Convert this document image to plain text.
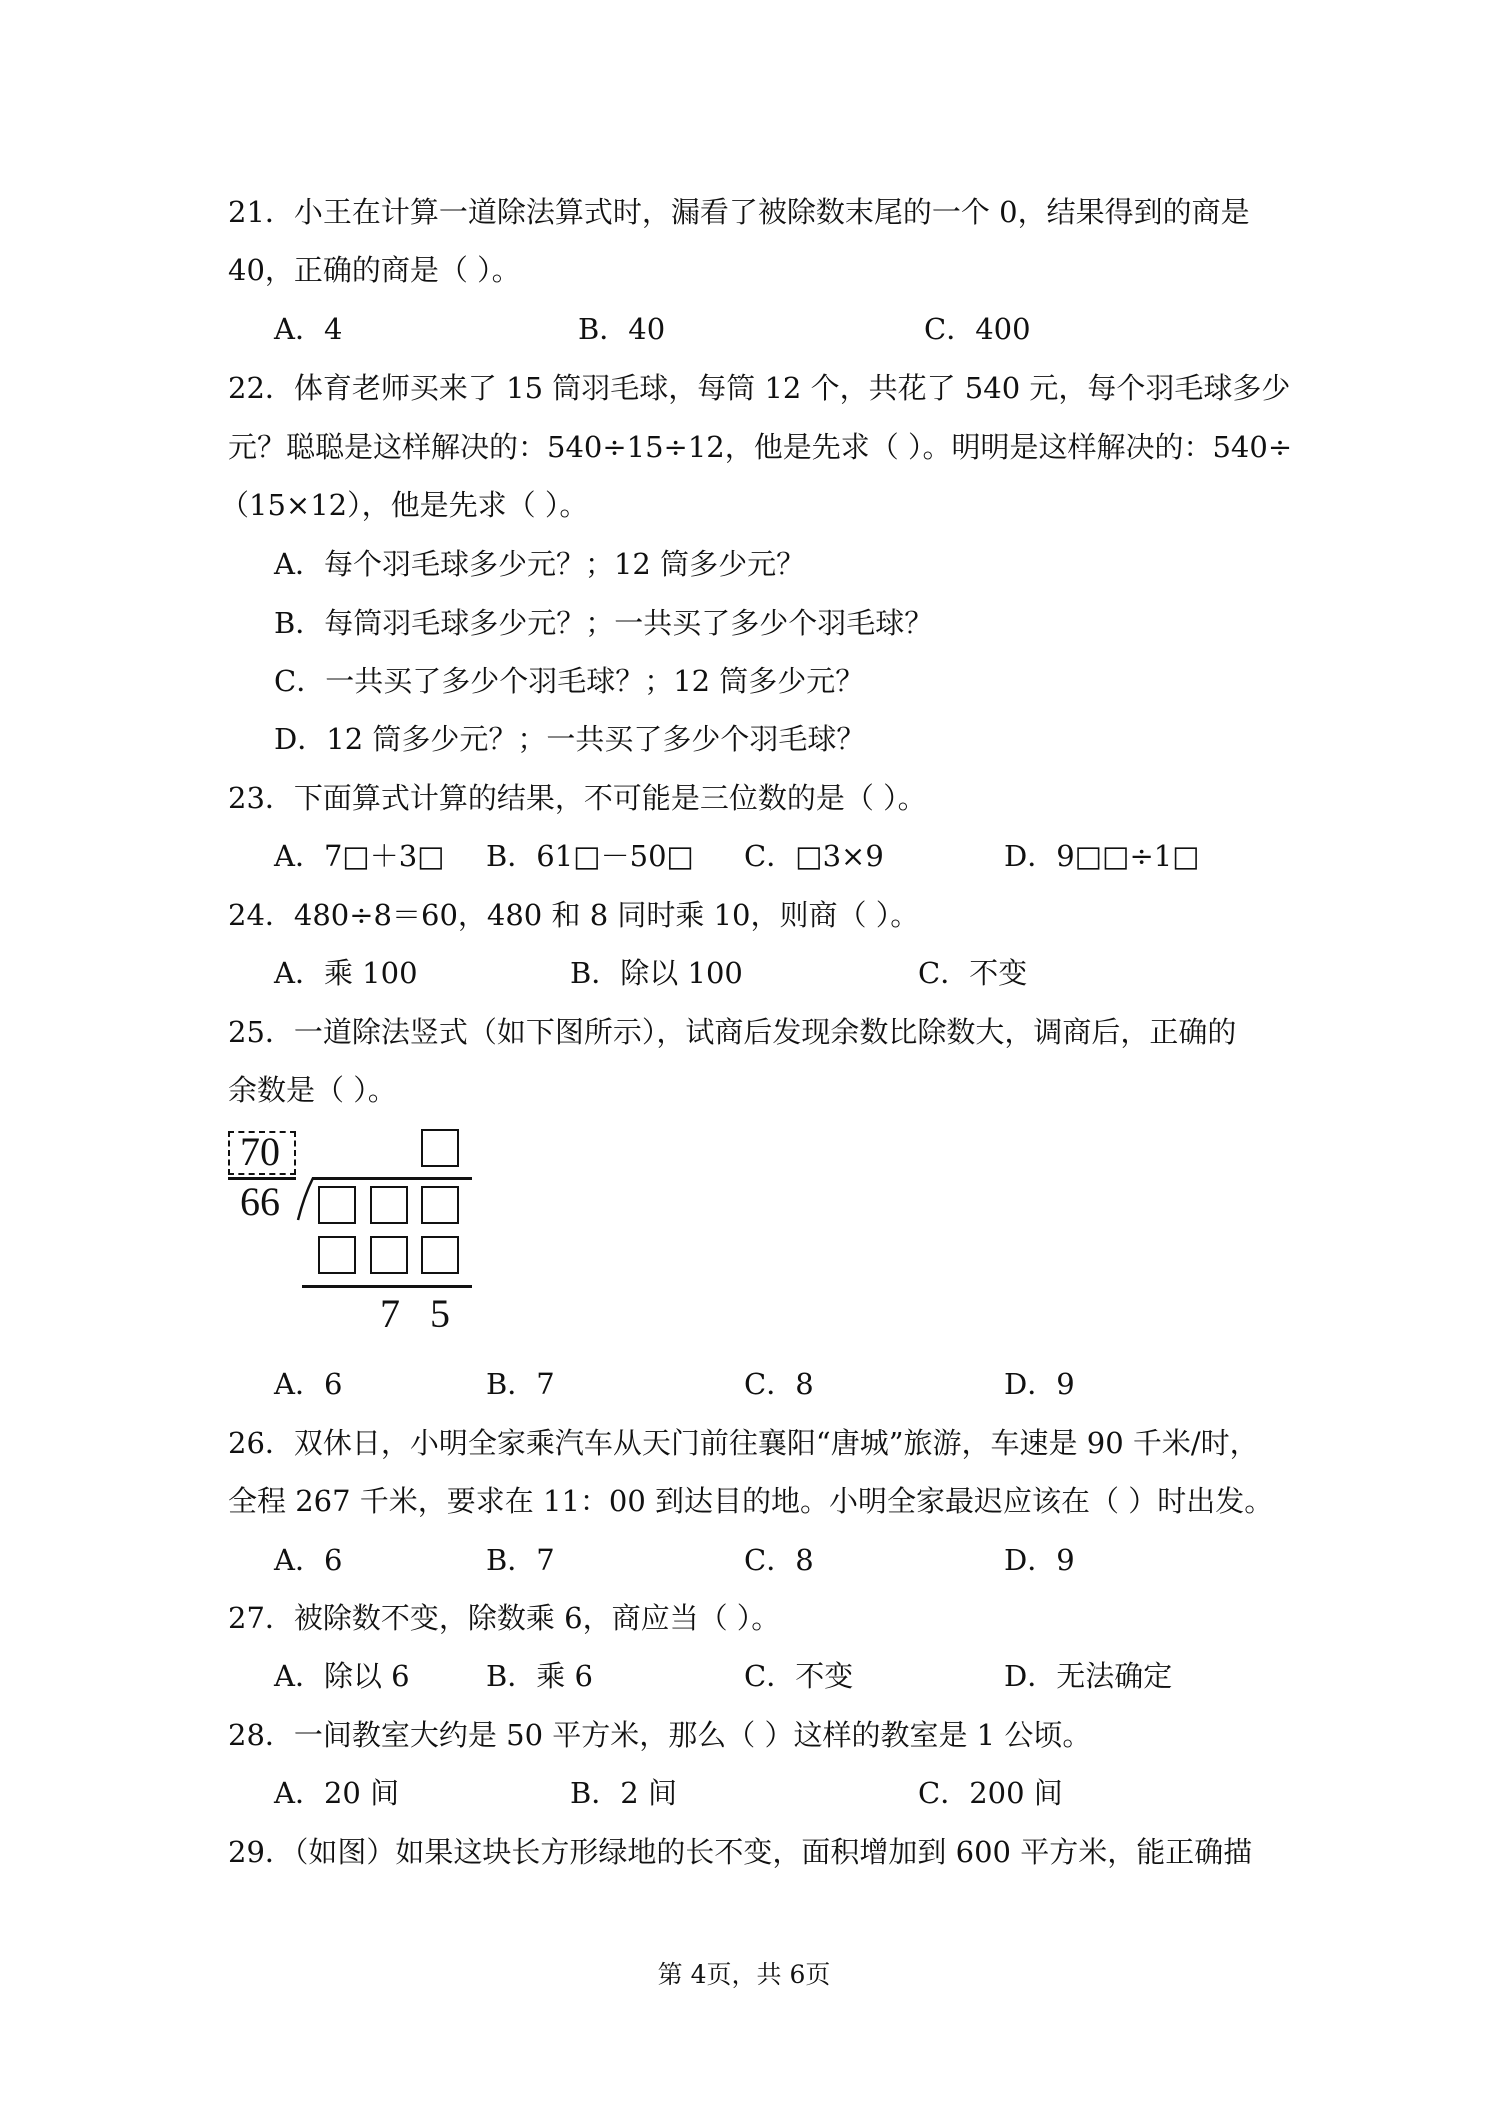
21．小王在计算一道除法算式时，漏看了被除数末尾的一个 0，结果得到的商是
40，正确的商是（ ）。
A．4	B．40	C．400
22．体育老师买来了 15 筒羽毛球，每筒 12 个，共花了 540 元，每个羽毛球多少
元？聪聪是这样解决的：540÷15÷12，他是先求（ ）。明明是这样解决的：540÷
（15×12），他是先求（ ）。
A．每个羽毛球多少元？；12 筒多少元？
B．每筒羽毛球多少元？；一共买了多少个羽毛球？
C．一共买了多少个羽毛球？；12 筒多少元？
D．12 筒多少元？；一共买了多少个羽毛球？
23．下面算式计算的结果，不可能是三位数的是（ ）。
A．7□＋3□ B．61□－50□ C．□3×9	D．9□□÷1□
24．480÷8＝60，480 和 8 同时乘 10，则商（ ）。
A．乘 100	B．除以 100	C．不变
25．一道除法竖式（如下图所示），试商后发现余数比除数大，调商后，正确的
余数是（ ）。
70
66
7 5
A．6	B．7	C．8	D．9
26．双休日，小明全家乘汽车从天门前往襄阳“唐城”旅游，车速是 90 千米/时，
全程 267 千米，要求在 11：00 到达目的地。小明全家最迟应该在（ ）时出发。
A．6	B．7	C．8	D．9
27．被除数不变，除数乘 6，商应当（ ）。
A．除以 6	B．乘 6	C．不变	D．无法确定
28．一间教室大约是 50 平方米，那么（ ）这样的教室是 1 公顷。
A．20 间	B．2 间	C．200 间
29．（如图）如果这块长方形绿地的长不变，面积增加到 600 平方米，能正确描
第 4页，共 6页
